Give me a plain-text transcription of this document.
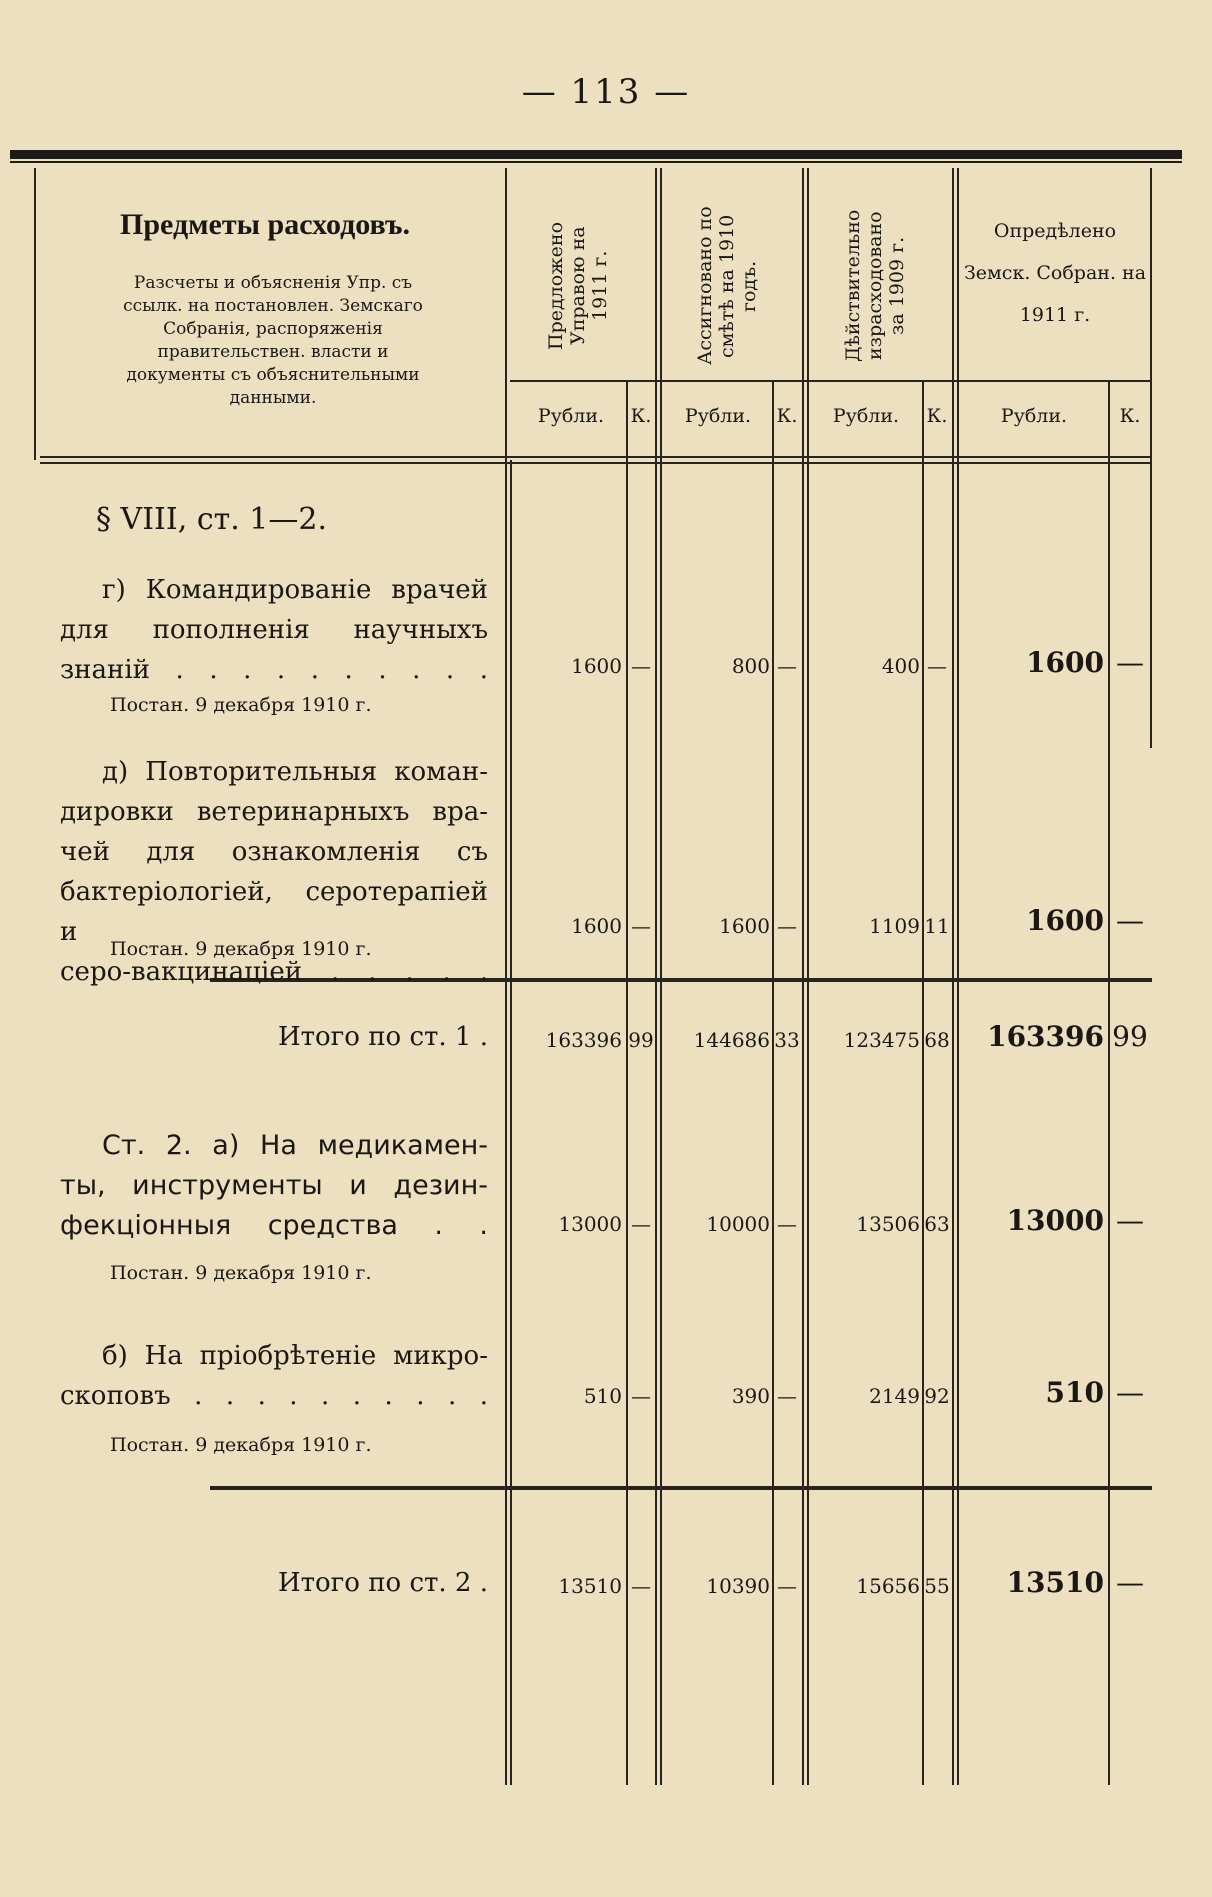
— 113 —
Предметы расходовъ.
Разсчеты и объясненія Упр. съ ссылк. на постановлен. Земскаго Собранія, распоряженія правительствен. власти и документы съ объяснительными данными.
Предложено Управою на 1911 г.	Ассигновано по смѣтѣ на 1910 годъ.	Дѣйствительно израсходовано за 1909 г.
Опредѣлено Земск. Собран. на 1911 г.
Рубли.	К.	Рубли.	К.	Рубли.	К.	Рубли.	К.
§ VIII, ст. 1—2.
г) Командированіе врачей
для пополненія научныхъ
знаній . . . . . . . . . .
Постан. 9 декабря 1910 г.
1600 —	800 —	400 —	1600 —
д) Повторительныя коман-
дировки ветеринарныхъ вра-
чей для ознакомленія съ
бактеріологіей, серотерапіей и
серо-вакцинаціей . . . . .
Постан. 9 декабря 1910 г.
1600 —	1600 —	1109 11	1600 —
Итого по ст. 1 .	163396 99	144686 33	123475 68	163396 99
Ст. 2. а) На медикамен-
ты, инструменты и дезин-
фекціонныя средства . .
Постан. 9 декабря 1910 г.
13000 —	10000 —	13506 63	13000 —
б) На пріобрѣтеніе микро-
скоповъ . . . . . . . . . .
Постан. 9 декабря 1910 г.
510 —	390 —	2149 92	510 —
Итого по ст. 2 .	13510 —	10390 —	15656 55	13510 —
